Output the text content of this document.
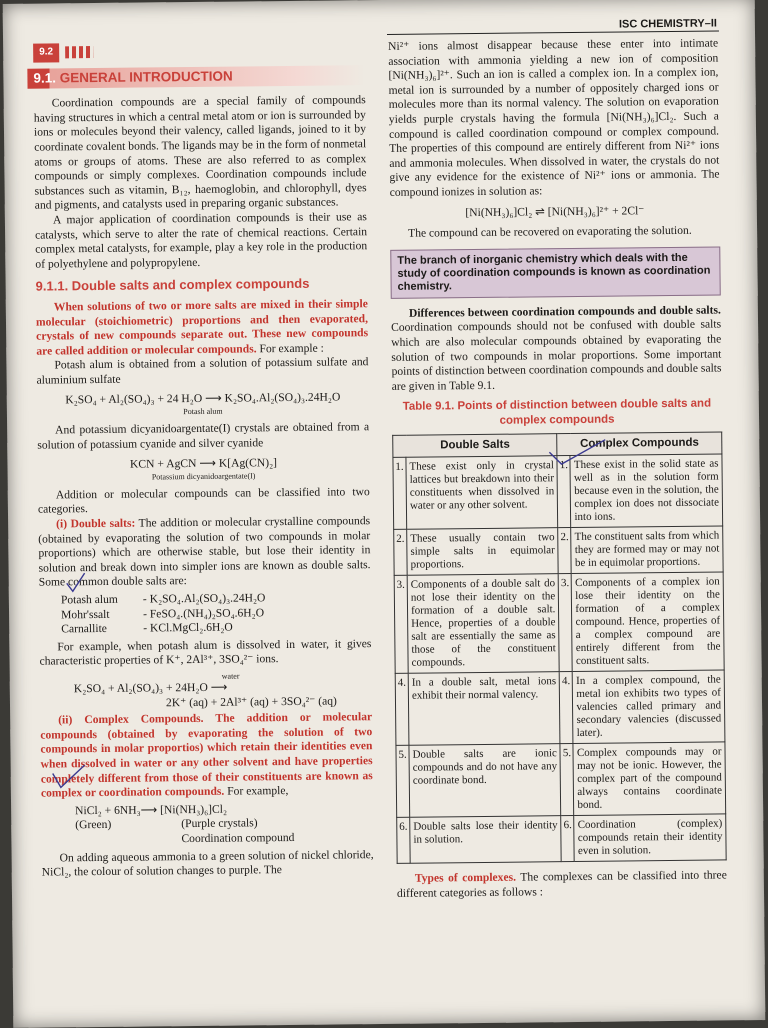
ISC CHEMISTRY–II
9.2
9.1. GENERAL INTRODUCTION

Coordination compounds are a special family of compounds having structures in which a central metal atom or ion is surrounded by ions or molecules beyond their valency, called ligands, joined to it by coordinate covalent bonds. The ligands may be in the form of nonmetal atoms or groups of atoms. These are also referred to as complex compounds or simply complexes. Coordination compounds include substances such as vitamin, B₁₂, haemoglobin, and chlorophyll, dyes and pigments, and catalysts used in preparing organic substances.

A major application of coordination compounds is their use as catalysts, which serve to alter the rate of chemical reactions. Certain complex metal catalysts, for example, play a key role in the production of polyethylene and polypropylene.

9.1.1. Double salts and complex compounds

When solutions of two or more salts are mixed in their simple molecular (stoichiometric) proportions and then evaporated, crystals of new compounds separate out. These new compounds are called addition or molecular compounds. For example :

Potash alum is obtained from a solution of potassium sulfate and aluminium sulfate

K₂SO₄ + Al₂(SO₄)₃ + 24 H₂O ⟶ K₂SO₄.Al₂(SO₄)₃.24H₂O
Potash alum

And potassium dicyanidoargentate(I) crystals are obtained from a solution of potassium cyanide and silver cyanide

KCN + AgCN ⟶ K[Ag(CN)₂]
Potassium dicyanidoargentate(I)

Addition or molecular compounds can be classified into two categories.

(i) Double salts: The addition or molecular crystalline compounds (obtained by evaporating the solution of two compounds in molar proportions) which are otherwise stable, but lose their identity in solution and break down into simpler ions are known as double salts. Some common double salts are:

Potash alum	- K₂SO₄.Al₂(SO₄)₃.24H₂O
Mohr'ssalt	- FeSO₄.(NH₄)₂SO₄.6H₂O
Carnallite	- KCl.MgCl₂.6H₂O

For example, when potash alum is dissolved in water, it gives characteristic properties of K⁺, 2Al³⁺, 3SO₄²⁻ ions.

water
K₂SO₄ + Al₂(SO₄)₃ + 24H₂O ⟶
2K⁺ (aq) + 2Al³⁺ (aq) + 3SO₄²⁻ (aq)

(ii) Complex Compounds. The addition or molecular compounds (obtained by evaporating the solution of two compounds in molar proportios) which retain their identities even when dissolved in water or any other solvent and have properties completely different from those of their constituents are known as complex or coordination compounds. For example,

NiCl₂ + 6NH₃⟶ [Ni(NH₃)₆]Cl₂
(Green)	(Purple crystals)
Coordination compound

On adding aqueous ammonia to a green solution of nickel chloride, NiCl₂, the colour of solution changes to purple. The

Ni²⁺ ions almost disappear because these enter into intimate association with ammonia yielding a new ion of composition [Ni(NH₃)₆]²⁺. Such an ion is called a complex ion. In a complex ion, metal ion is surrounded by a number of oppositely charged ions or molecules more than its normal valency. The solution on evaporation yields purple crystals having the formula [Ni(NH₃)₆]Cl₂. Such a compound is called coordination compound or complex compound. The properties of this compound are entirely different from Ni²⁺ ions and ammonia molecules. When dissolved in water, the crystals do not give any evidence for the existence of Ni²⁺ ions or ammonia. The compound ionizes in solution as:

[Ni(NH₃)₆]Cl₂ ⇌ [Ni(NH₃)₆]²⁺ + 2Cl⁻

The compound can be recovered on evaporating the solution.

The branch of inorganic chemistry which deals with the study of coordination compounds is known as coordination chemistry.

Differences between coordination compounds and double salts. Coordination compounds should not be confused with double salts which are also molecular compounds obtained by evaporating the solution of two compounds in molar proportions. Some important points of distinction between coordination compounds and double salts are given in Table 9.1.

Table 9.1. Points of distinction between double salts and complex compounds
Double Salts		Complex Compounds	
1.	These exist only in crystal lattices but breakdown into their constituents when dissolved in water or any other solvent.	1.	These exist in the solid state as well as in the solution form because even in the solution, the complex ion does not dissociate into ions.
2.	These usually contain two simple salts in equimolar proportions.	2.	The constituent salts from which they are formed may or may not be in equimolar proportions.
3.	Components of a double salt do not lose their identity on the formation of a double salt. Hence, properties of a double salt are essentially the same as those of the constituent compounds.	3.	Components of a complex ion lose their identity on the formation of a complex compound. Hence, properties of a complex compound are entirely different from the constituent salts.
4.	In a double salt, metal ions exhibit their normal valency.	4.	In a complex compound, the metal ion exhibits two types of valencies called primary and secondary valencies (discussed later).
5.	Double salts are ionic compounds and do not have any coordinate bond.	5.	Complex compounds may or may not be ionic. However, the complex part of the compound always contains coordinate bond.
6.	Double salts lose their identity in solution.	6.	Coordination (complex) compounds retain their identity even in solution.

Types of complexes. The complexes can be classified into three different categories as follows :
